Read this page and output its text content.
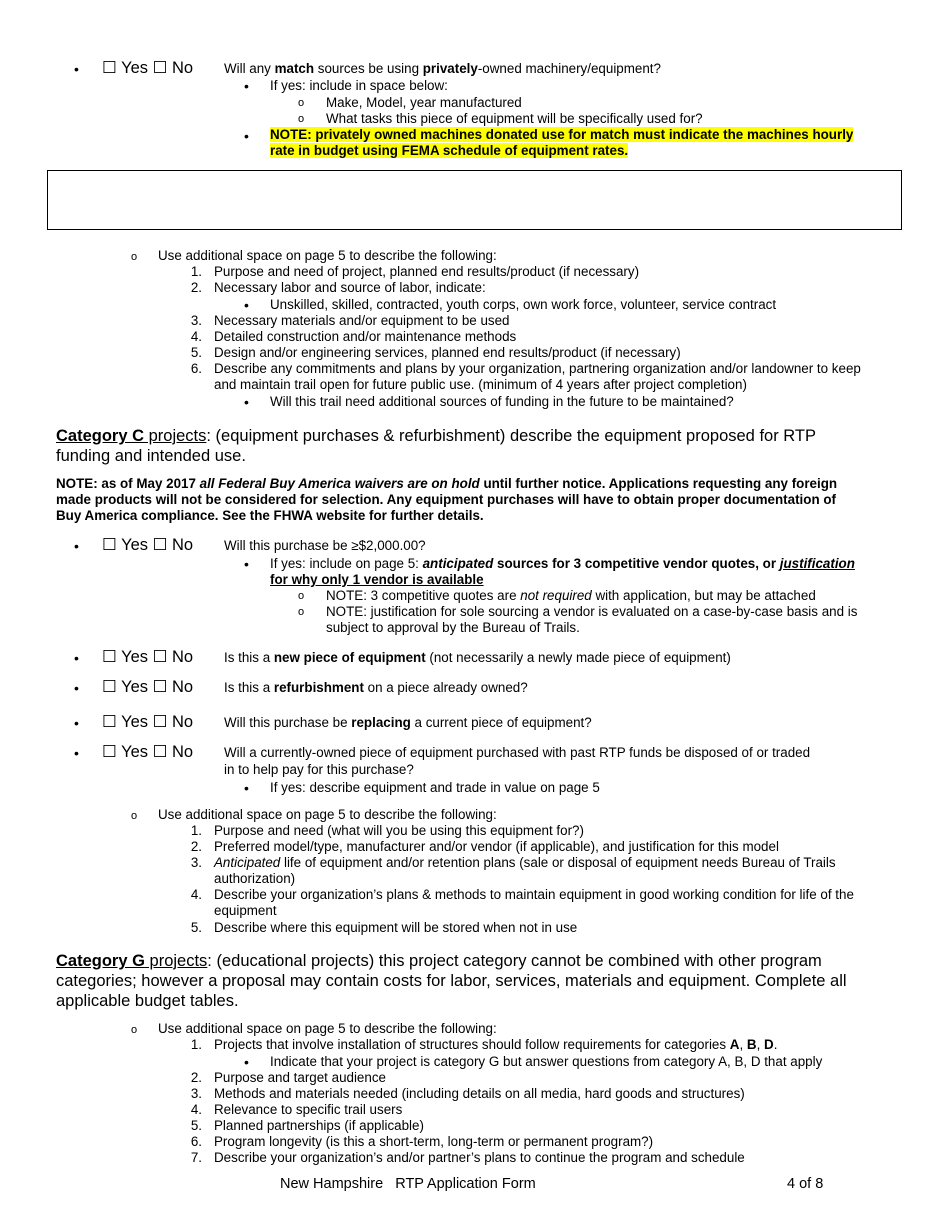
• ☐ Yes ☐ No Will any match sources be using privately-owned machinery/equipment?
• If yes: include in space below:
o Make, Model, year manufactured
o What tasks this piece of equipment will be specifically used for?
• NOTE: privately owned machines donated use for match must indicate the machines hourly
rate in budget using FEMA schedule of equipment rates.
o Use additional space on page 5 to describe the following:
1. Purpose and need of project, planned end results/product (if necessary)
2. Necessary labor and source of labor, indicate:
• Unskilled, skilled, contracted, youth corps, own work force, volunteer, service contract
3. Necessary materials and/or equipment to be used
4. Detailed construction and/or maintenance methods
5. Design and/or engineering services, planned end results/product (if necessary)
6. Describe any commitments and plans by your organization, partnering organization and/or landowner to keep
and maintain trail open for future public use. (minimum of 4 years after project completion)
• Will this trail need additional sources of funding in the future to be maintained?
Category C projects: (equipment purchases & refurbishment) describe the equipment proposed for RTP
funding and intended use.
NOTE: as of May 2017 all Federal Buy America waivers are on hold until further notice. Applications requesting any foreign
made products will not be considered for selection. Any equipment purchases will have to obtain proper documentation of
Buy America compliance. See the FHWA website for further details.
• ☐ Yes ☐ No Will this purchase be ≥$2,000.00?
• If yes: include on page 5: anticipated sources for 3 competitive vendor quotes, or justification
for why only 1 vendor is available
o NOTE: 3 competitive quotes are not required with application, but may be attached
o NOTE: justification for sole sourcing a vendor is evaluated on a case-by-case basis and is
subject to approval by the Bureau of Trails.
• ☐ Yes ☐ No Is this a new piece of equipment (not necessarily a newly made piece of equipment)
• ☐ Yes ☐ No Is this a refurbishment on a piece already owned?
• ☐ Yes ☐ No Will this purchase be replacing a current piece of equipment?
• ☐ Yes ☐ No Will a currently-owned piece of equipment purchased with past RTP funds be disposed of or traded
in to help pay for this purchase?
• If yes: describe equipment and trade in value on page 5
o Use additional space on page 5 to describe the following:
1. Purpose and need (what will you be using this equipment for?)
2. Preferred model/type, manufacturer and/or vendor (if applicable), and justification for this model
3. Anticipated life of equipment and/or retention plans (sale or disposal of equipment needs Bureau of Trails
authorization)
4. Describe your organization’s plans & methods to maintain equipment in good working condition for life of the
equipment
5. Describe where this equipment will be stored when not in use
Category G projects: (educational projects) this project category cannot be combined with other program
categories; however a proposal may contain costs for labor, services, materials and equipment. Complete all
applicable budget tables.
o Use additional space on page 5 to describe the following:
1. Projects that involve installation of structures should follow requirements for categories A, B, D.
• Indicate that your project is category G but answer questions from category A, B, D that apply
2. Purpose and target audience
3. Methods and materials needed (including details on all media, hard goods and structures)
4. Relevance to specific trail users
5. Planned partnerships (if applicable)
6. Program longevity (is this a short-term, long-term or permanent program?)
7. Describe your organization’s and/or partner’s plans to continue the program and schedule
New Hampshire   RTP Application Form	4 of 8
